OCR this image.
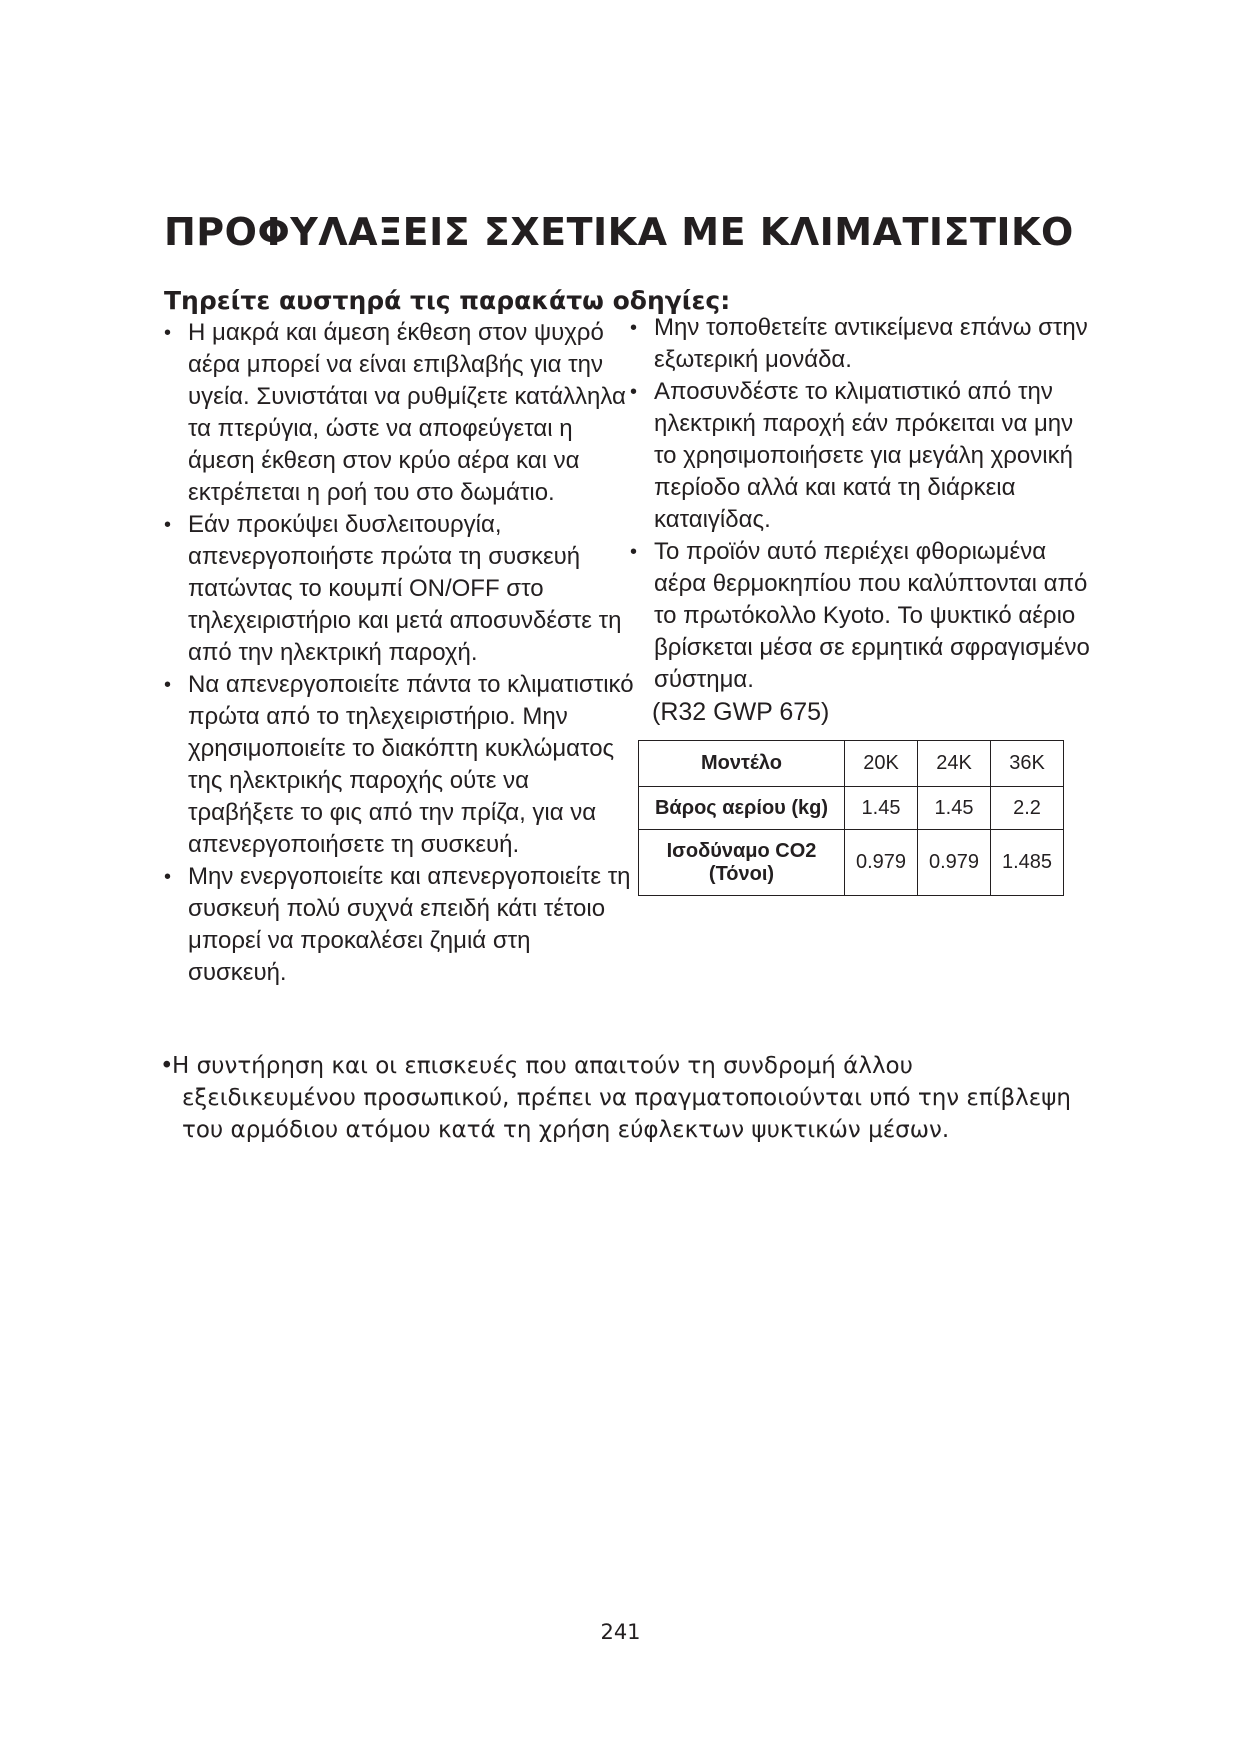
ΠΡΟΦΥΛΑΞΕΙΣ ΣΧΕΤΙΚΑ ΜΕ ΚΛΙΜΑΤΙΣΤΙΚΟ

Τηρείτε αυστηρά τις παρακάτω οδηγίες:

• Η μακρά και άμεση έκθεση στον ψυχρό αέρα μπορεί να είναι επιβλαβής για την υγεία. Συνιστάται να ρυθμίζετε κατάλληλα τα πτερύγια, ώστε να αποφεύγεται η άμεση έκθεση στον κρύο αέρα και να εκτρέπεται η ροή του στο δωμάτιο.
• Εάν προκύψει δυσλειτουργία, απενεργοποιήστε πρώτα τη συσκευή πατώντας το κουμπί ON/OFF στο τηλεχειριστήριο και μετά αποσυνδέστε τη από την ηλεκτρική παροχή.
• Να απενεργοποιείτε πάντα το κλιματιστικό πρώτα από το τηλεχειριστήριο. Μην χρησιμοποιείτε το διακόπτη κυκλώματος της ηλεκτρικής παροχής ούτε να τραβήξετε το φις από την πρίζα, για να απενεργοποιήσετε τη συσκευή.
• Μην ενεργοποιείτε και απενεργοποιείτε τη συσκευή πολύ συχνά επειδή κάτι τέτοιο μπορεί να προκαλέσει ζημιά στη συσκευή.
• Μην τοποθετείτε αντικείμενα επάνω στην εξωτερική μονάδα.
• Αποσυνδέστε το κλιματιστικό από την ηλεκτρική παροχή εάν πρόκειται να μην το χρησιμοποιήσετε για μεγάλη χρονική περίοδο αλλά και κατά τη διάρκεια καταιγίδας.
• Το προϊόν αυτό περιέχει φθοριωμένα αέρα θερμοκηπίου που καλύπτονται από το πρωτόκολλο Kyoto. Το ψυκτικό αέριο βρίσκεται μέσα σε ερμητικά σφραγισμένο σύστημα.

(R32 GWP 675)

Μοντέλο	20K	24K	36K
Βάρος αερίου (kg)	1.45	1.45	2.2
Ισοδύναμο CO2 (Τόνοι)	0.979	0.979	1.485
•Η συντήρηση και οι επισκευές που απαιτούν τη συνδρομή άλλου
εξειδικευμένου προσωπικού, πρέπει να πραγματοποιούνται υπό την επίβλεψη
του αρμόδιου ατόμου κατά τη χρήση εύφλεκτων ψυκτικών μέσων.
241
